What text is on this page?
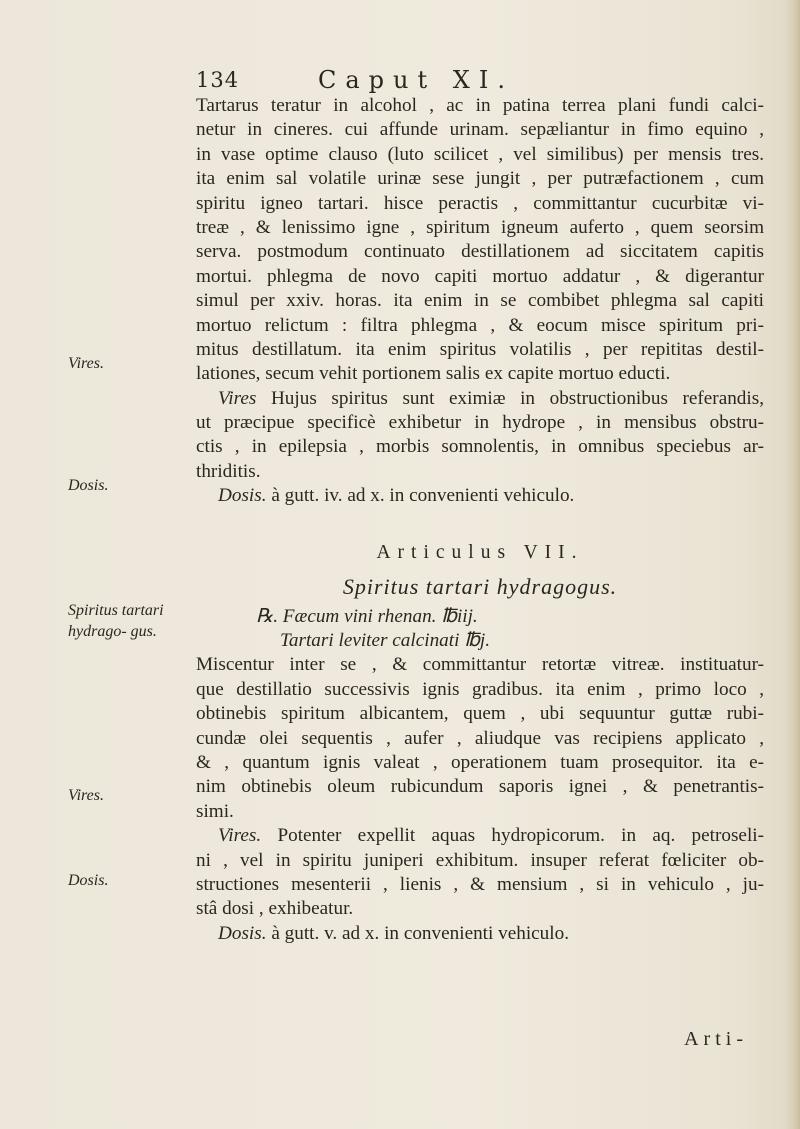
134	Caput XI.
Vires.
Dosis.
Spiritus tartari hydrago- gus.
Vires.
Dosis.
Tartarus teratur in alcohol , ac in patina terrea plani fundi calci-
netur in cineres. cui affunde urinam. sepæliantur in fimo equino ,
in vase optime clauso (luto scilicet , vel similibus) per mensis tres.
ita enim sal volatile urinæ sese jungit , per putræfactionem , cum
spiritu igneo tartari. hisce peractis , committantur cucurbitæ vi-
treæ , & lenissimo igne , spiritum igneum auferto , quem seorsim
serva. postmodum continuato destillationem ad siccitatem capitis
mortui. phlegma de novo capiti mortuo addatur , & digerantur
simul per xxiv. horas. ita enim in se combibet phlegma sal capiti
mortuo relictum : filtra phlegma , & eocum misce spiritum pri-
mitus destillatum. ita enim spiritus volatilis , per repititas destil-
lationes, secum vehit portionem salis ex capite mortuo educti.
Vires Hujus spiritus sunt eximiæ in obstructionibus referandis,
ut præcipue specificè exhibetur in hydrope , in mensibus obstru-
ctis , in epilepsia , morbis somnolentis, in omnibus speciebus ar-
thriditis.
Dosis. à gutt. iv. ad x. in convenienti vehiculo.
Articulus VII.
Spiritus tartari hydragogus.
℞. Fæcum vini rhenan. ℔iij.
Tartari leviter calcinati ℔j.
Miscentur inter se , & committantur retortæ vitreæ. instituatur-
que destillatio successivis ignis gradibus. ita enim , primo loco ,
obtinebis spiritum albicantem, quem , ubi sequuntur guttæ rubi-
cundæ olei sequentis , aufer , aliudque vas recipiens applicato ,
& , quantum ignis valeat , operationem tuam prosequitor. ita e-
nim obtinebis oleum rubicundum saporis ignei , & penetrantis-
simi.
Vires. Potenter expellit aquas hydropicorum. in aq. petroseli-
ni , vel in spiritu juniperi exhibitum. insuper referat fœliciter ob-
structiones mesenterii , lienis , & mensium , si in vehiculo , ju-
stâ dosi , exhibeatur.
Dosis. à gutt. v. ad x. in convenienti vehiculo.
Arti-
